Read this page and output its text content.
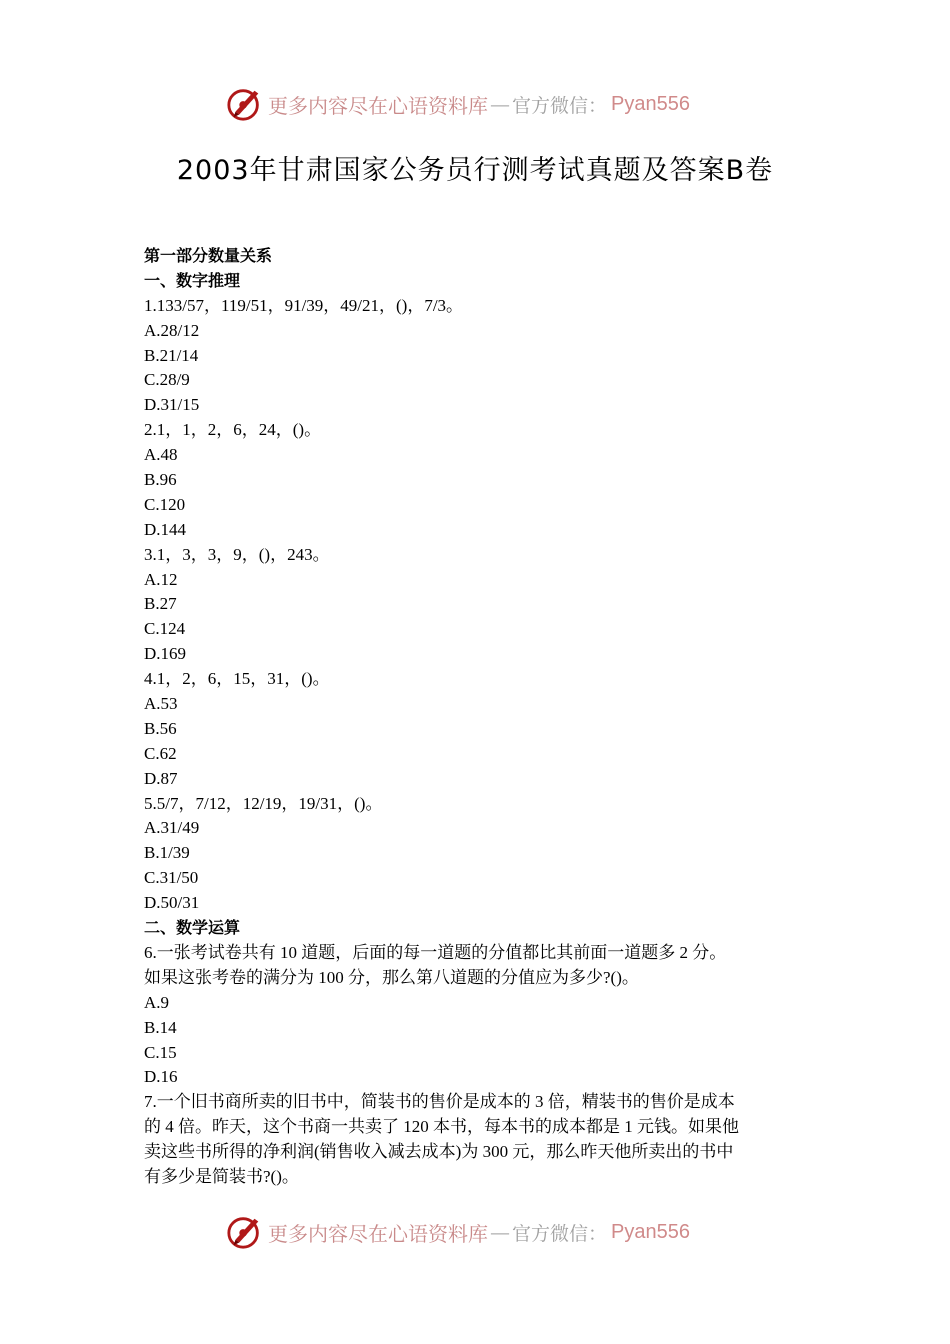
更多内容尽在心语资料库 — 官方微信： Pyan556
2003年甘肃国家公务员行测考试真题及答案B卷
第一部分数量关系
一、数字推理
1.133/57，119/51，91/39，49/21，()，7/3。
A.28/12
B.21/14
C.28/9
D.31/15
2.1，1，2，6，24，()。
A.48
B.96
C.120
D.144
3.1，3，3，9，()，243。
A.12
B.27
C.124
D.169
4.1，2，6，15，31，()。
A.53
B.56
C.62
D.87
5.5/7，7/12，12/19，19/31，()。
A.31/49
B.1/39
C.31/50
D.50/31
二、数学运算
6.一张考试卷共有 10 道题，后面的每一道题的分值都比其前面一道题多 2 分。
如果这张考卷的满分为 100 分，那么第八道题的分值应为多少?()。
A.9
B.14
C.15
D.16
7.一个旧书商所卖的旧书中，简装书的售价是成本的 3 倍，精装书的售价是成本
的 4 倍。昨天，这个书商一共卖了 120 本书，每本书的成本都是 1 元钱。如果他
卖这些书所得的净利润(销售收入减去成本)为 300 元，那么昨天他所卖出的书中
有多少是简装书?()。
更多内容尽在心语资料库 — 官方微信： Pyan556
